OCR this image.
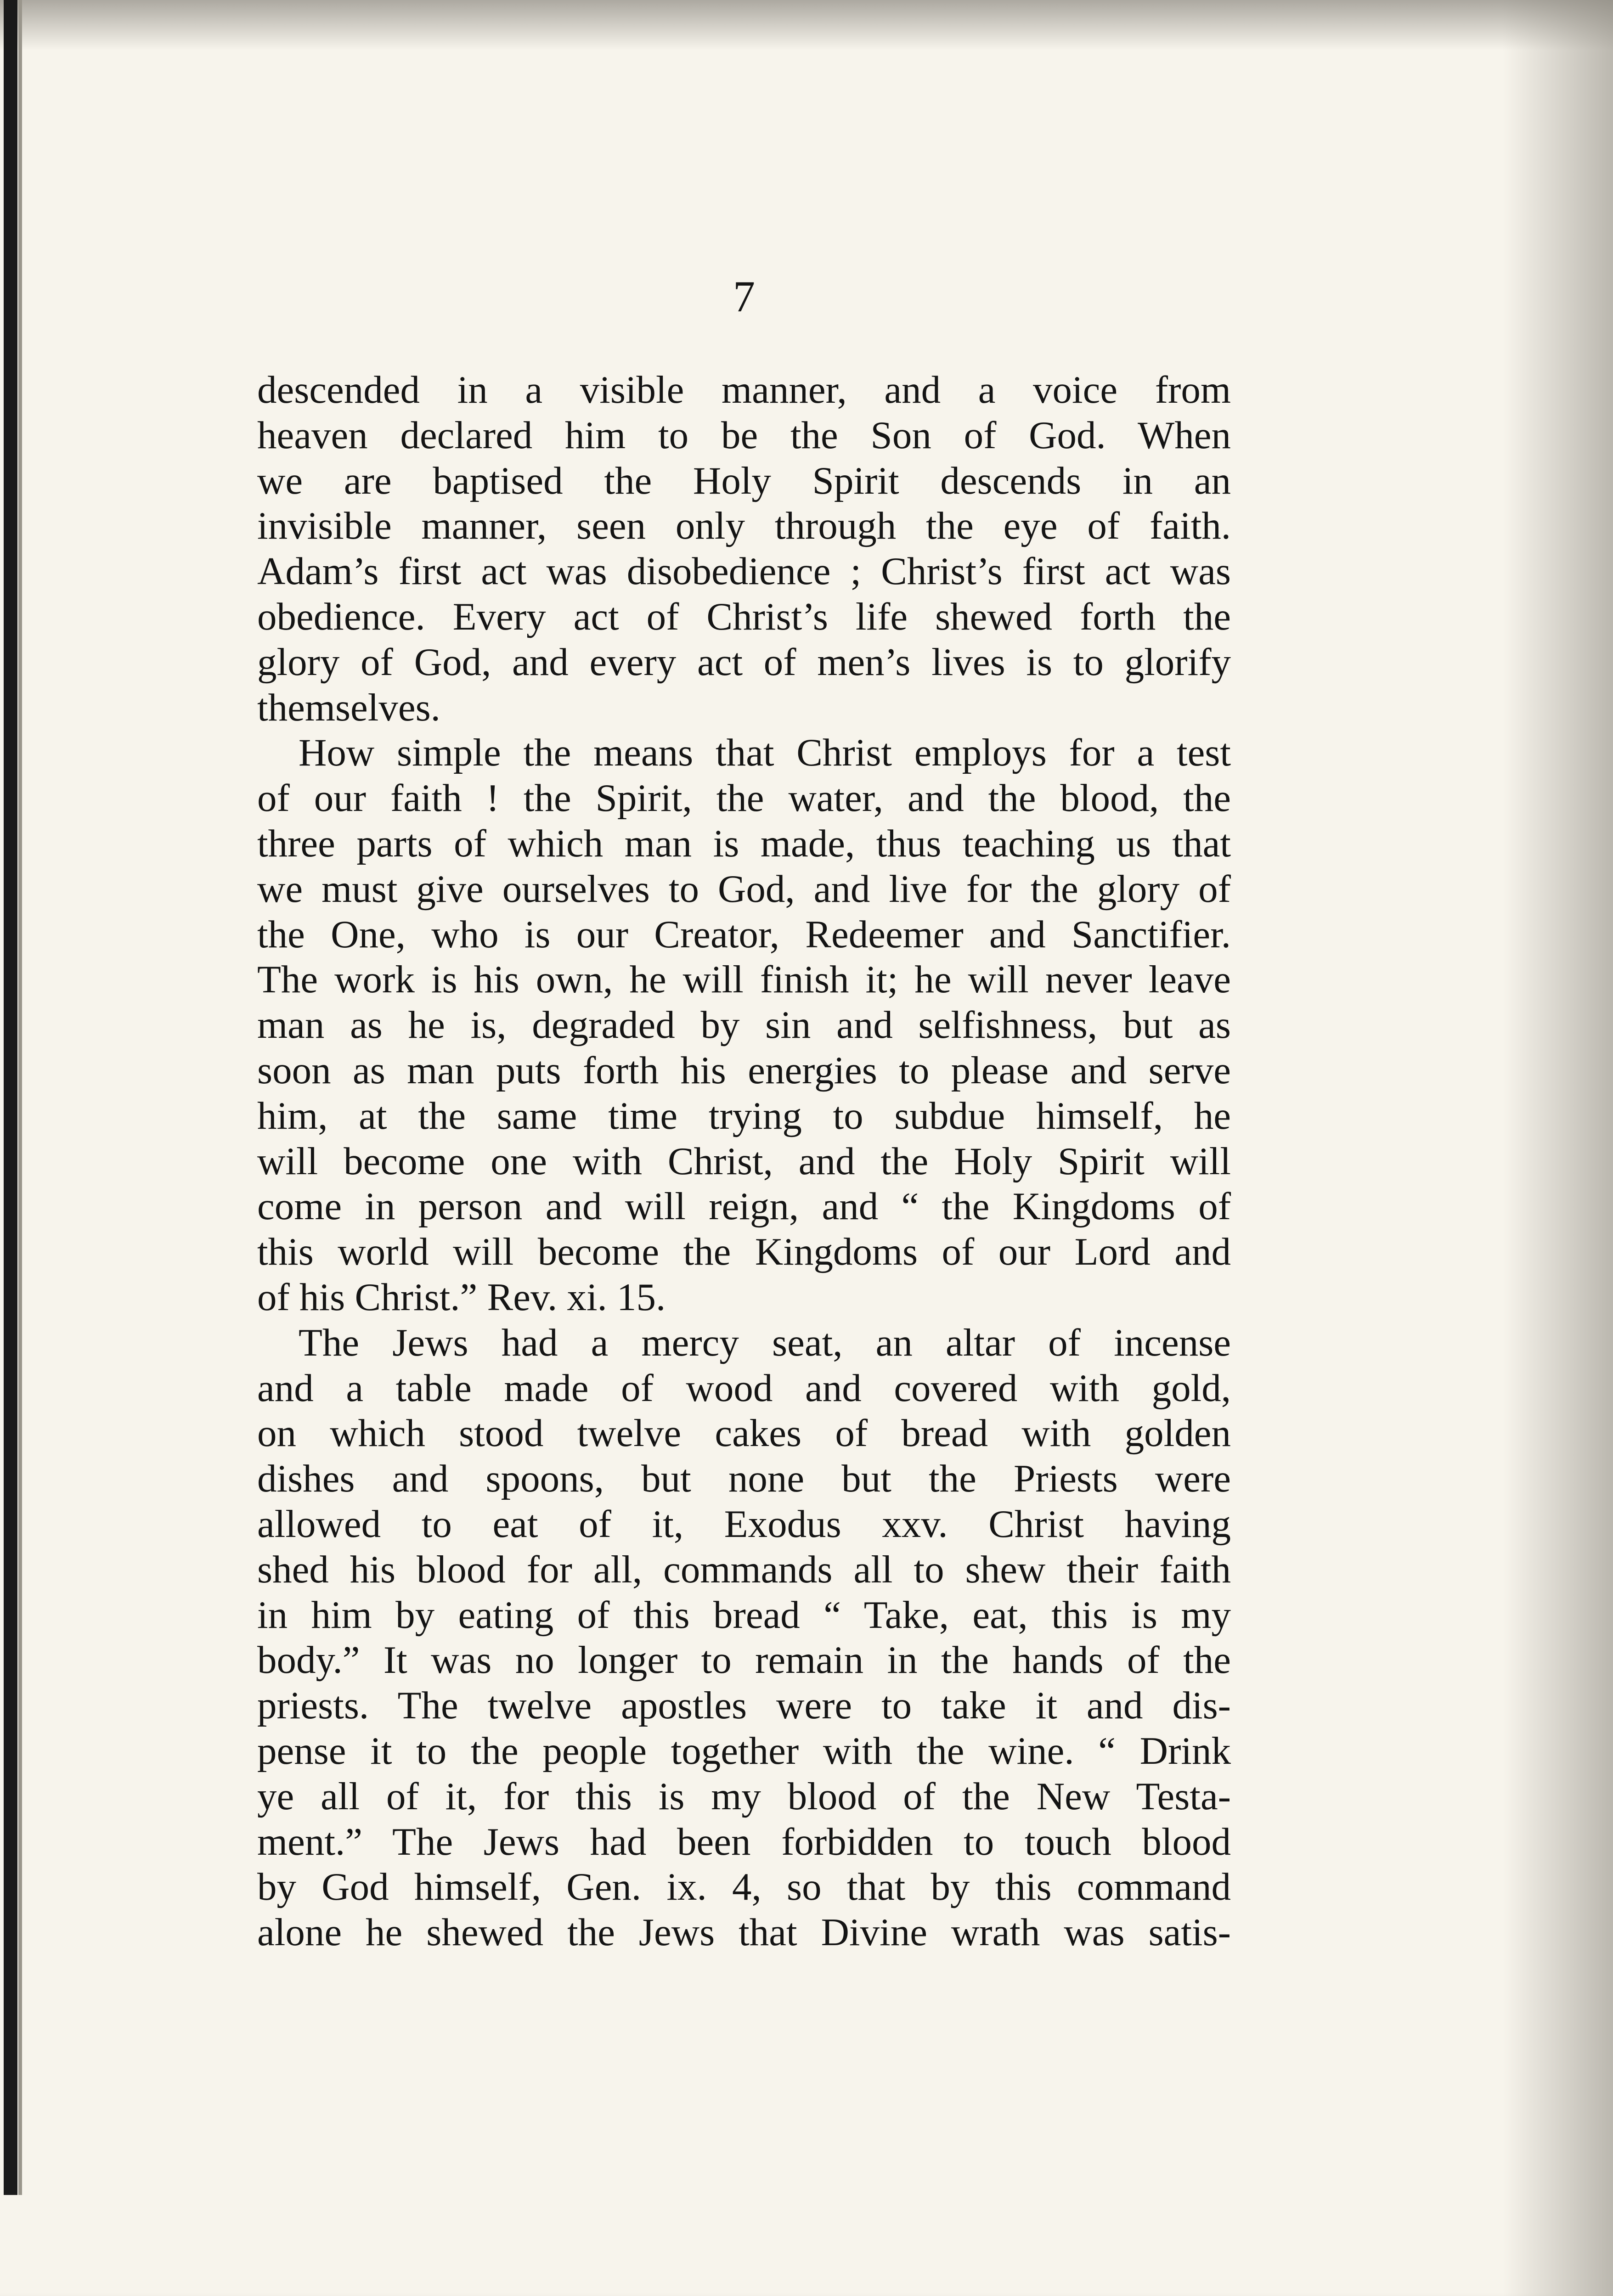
7

descended in a visible manner, and a voice from
heaven declared him to be the Son of God. When
we are baptised the Holy Spirit descends in an
invisible manner, seen only through the eye of faith.
Adam’s first act was disobedience ; Christ’s first act was
obedience. Every act of Christ’s life shewed forth the
glory of God, and every act of men’s lives is to glorify
themselves.

How simple the means that Christ employs for a test
of our faith ! the Spirit, the water, and the blood, the
three parts of which man is made, thus teaching us that
we must give ourselves to God, and live for the glory of
the One, who is our Creator, Redeemer and Sanctifier.
The work is his own, he will finish it; he will never leave
man as he is, degraded by sin and selfishness, but as
soon as man puts forth his energies to please and serve
him, at the same time trying to subdue himself, he
will become one with Christ, and the Holy Spirit will
come in person and will reign, and “ the Kingdoms of
this world will become the Kingdoms of our Lord and
of his Christ.” Rev. xi. 15.

The Jews had a mercy seat, an altar of incense
and a table made of wood and covered with gold,
on which stood twelve cakes of bread with golden
dishes and spoons, but none but the Priests were
allowed to eat of it, Exodus xxv. Christ having
shed his blood for all, commands all to shew their faith
in him by eating of this bread “ Take, eat, this is my
body.” It was no longer to remain in the hands of the
priests. The twelve apostles were to take it and dis-
pense it to the people together with the wine. “ Drink
ye all of it, for this is my blood of the New Testa-
ment.” The Jews had been forbidden to touch blood
by God himself, Gen. ix. 4, so that by this command
alone he shewed the Jews that Divine wrath was satis-
